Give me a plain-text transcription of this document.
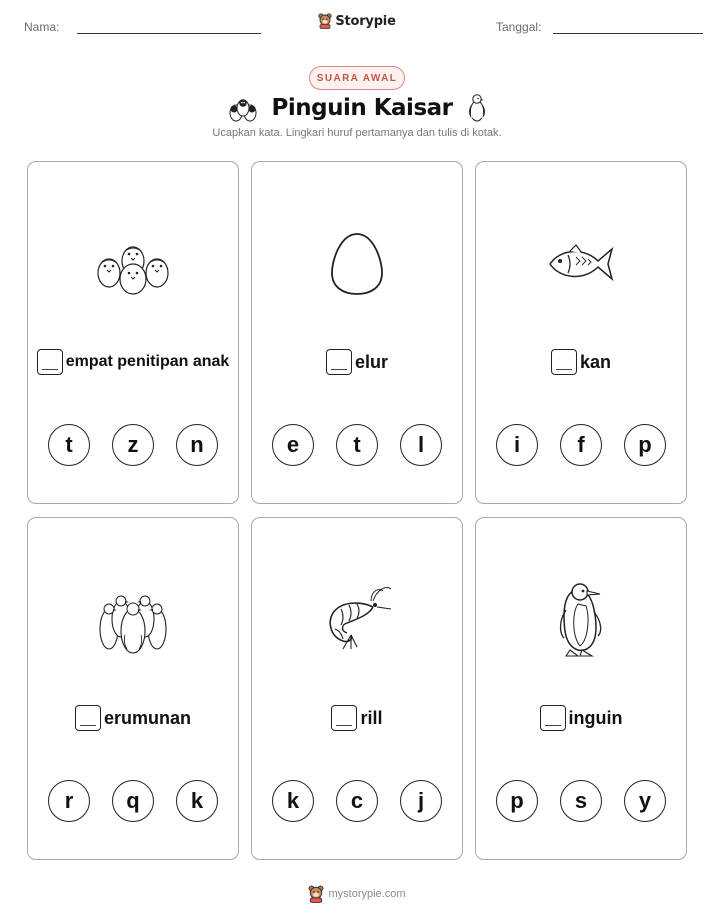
Nama:	Storypie	Tanggal:
SUARA AWAL
Pinguin Kaisar
Ucapkan kata. Lingkari huruf pertamanya dan tulis di kotak.
empat penitipan anak
t	z	n
elur
e	t	l
kan
i	f	p
erumunan
r	q	k
rill
k	c	j
inguin
p	s	y
mystorypie.com
